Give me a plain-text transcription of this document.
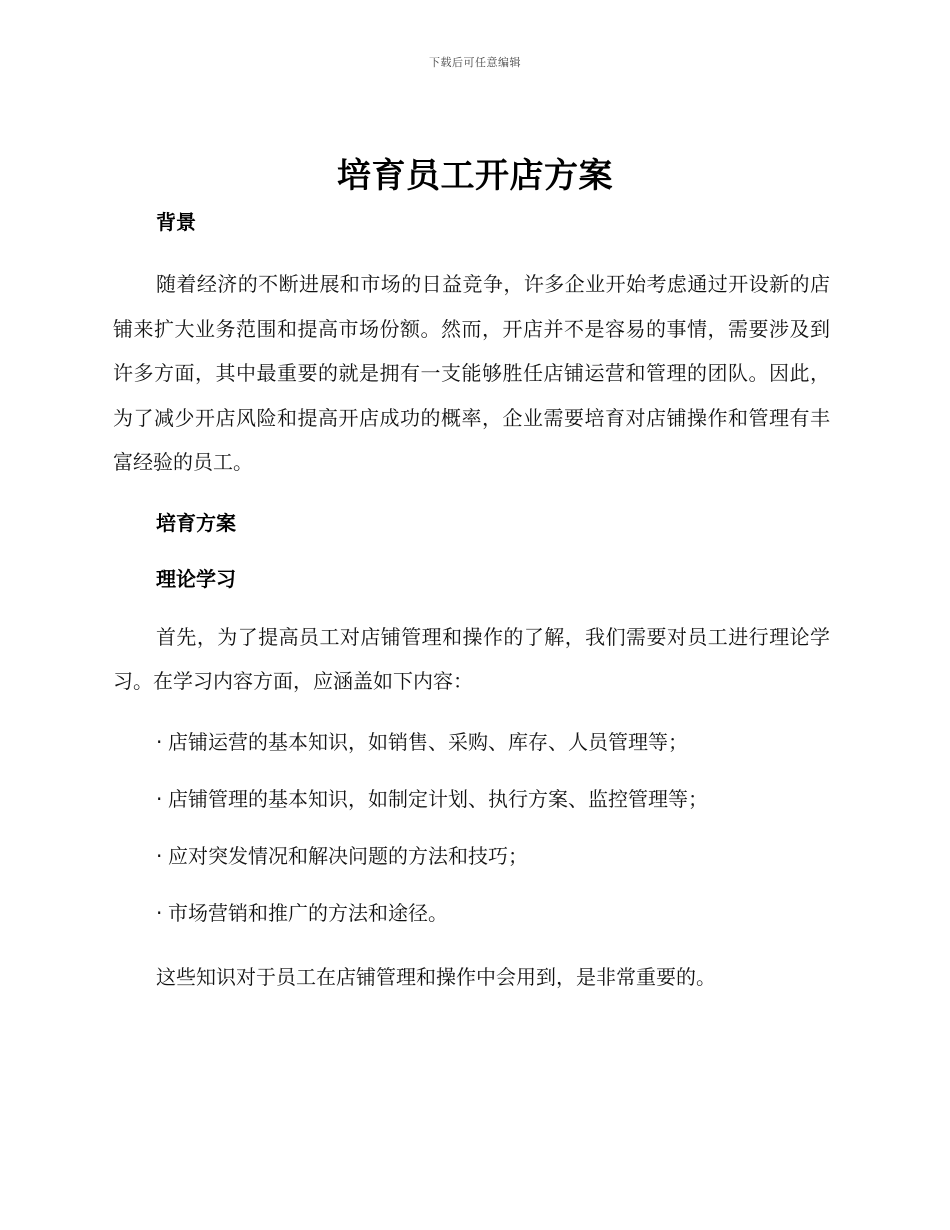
下载后可任意编辑
培育员工开店方案
背景

随着经济的不断进展和市场的日益竞争，许多企业开始考虑通过开设新的店铺来扩大业务范围和提高市场份额。然而，开店并不是容易的事情，需要涉及到许多方面，其中最重要的就是拥有一支能够胜任店铺运营和管理的团队。因此，为了减少开店风险和提高开店成功的概率，企业需要培育对店铺操作和管理有丰富经验的员工。

培育方案
理论学习

首先，为了提高员工对店铺管理和操作的了解，我们需要对员工进行理论学习。在学习内容方面，应涵盖如下内容：

· 店铺运营的基本知识，如销售、采购、库存、人员管理等；
· 店铺管理的基本知识，如制定计划、执行方案、监控管理等；
· 应对突发情况和解决问题的方法和技巧；
· 市场营销和推广的方法和途径。

这些知识对于员工在店铺管理和操作中会用到，是非常重要的。
